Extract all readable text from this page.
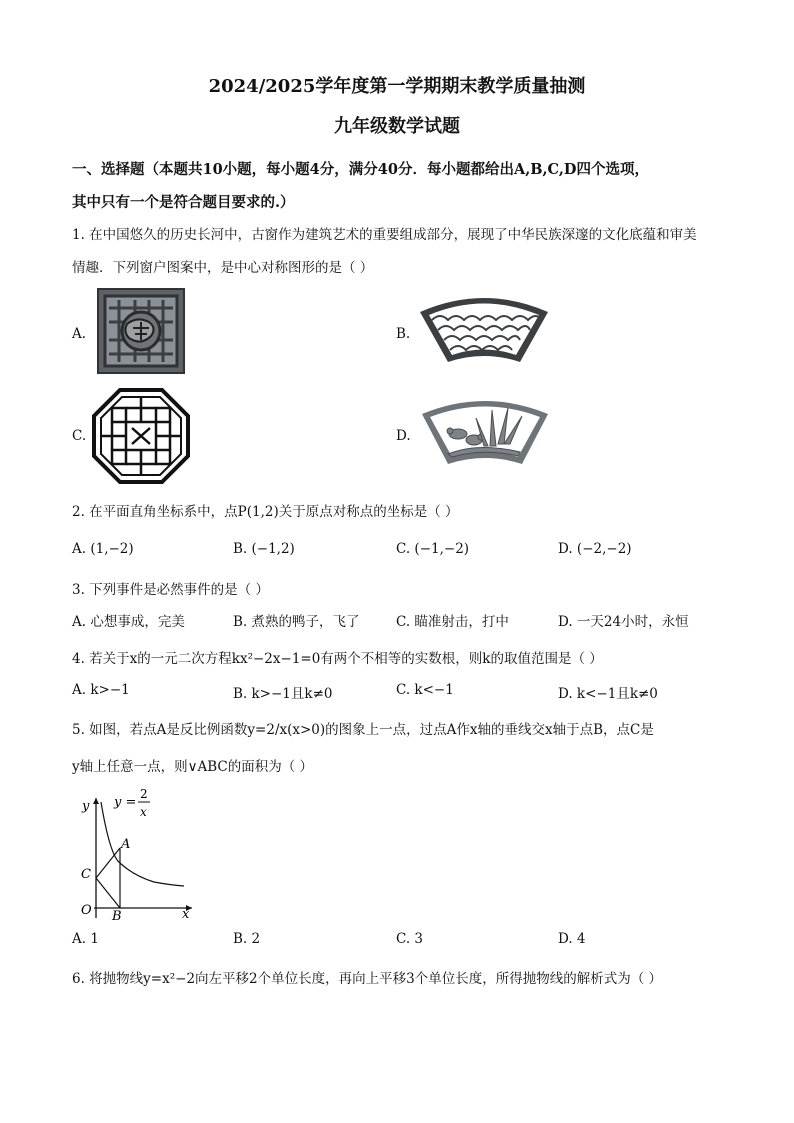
2024/2025学年度第一学期期末教学质量抽测
九年级数学试题
一、选择题（本题共10小题，每小题4分，满分40分．每小题都给出A,B,C,D四个选项，
其中只有一个是符合题目要求的.）
1. 在中国悠久的历史长河中，古窗作为建筑艺术的重要组成部分，展现了中华民族深邃的文化底蕴和审美
情趣．下列窗户图案中，是中心对称图形的是（ ）
A.	B.
C.	D.
2. 在平面直角坐标系中，点P(1,2)关于原点对称点的坐标是（ ）
A. (1,−2)	B. (−1,2)	C. (−1,−2)	D. (−2,−2)
3. 下列事件是必然事件的是（ ）
A. 心想事成，完美	B. 煮熟的鸭子，飞了	C. 瞄准射击，打中	D. 一天24小时，永恒
4. 若关于x的一元二次方程kx²−2x−1=0有两个不相等的实数根，则k的取值范围是（ ）
A. k>−1	B. k>−1且k≠0	C. k<−1	D. k<−1且k≠0
5. 如图，若点A是反比例函数y=2/x(x>0)的图象上一点，过点A作x轴的垂线交x轴于点B，点C是
y轴上任意一点，则∨ABC的面积为（ ）
y
x
O
A
B
C
y =
2
x
A. 1	B. 2	C. 3	D. 4
6. 将抛物线y=x²−2向左平移2个单位长度，再向上平移3个单位长度，所得抛物线的解析式为（ ）
